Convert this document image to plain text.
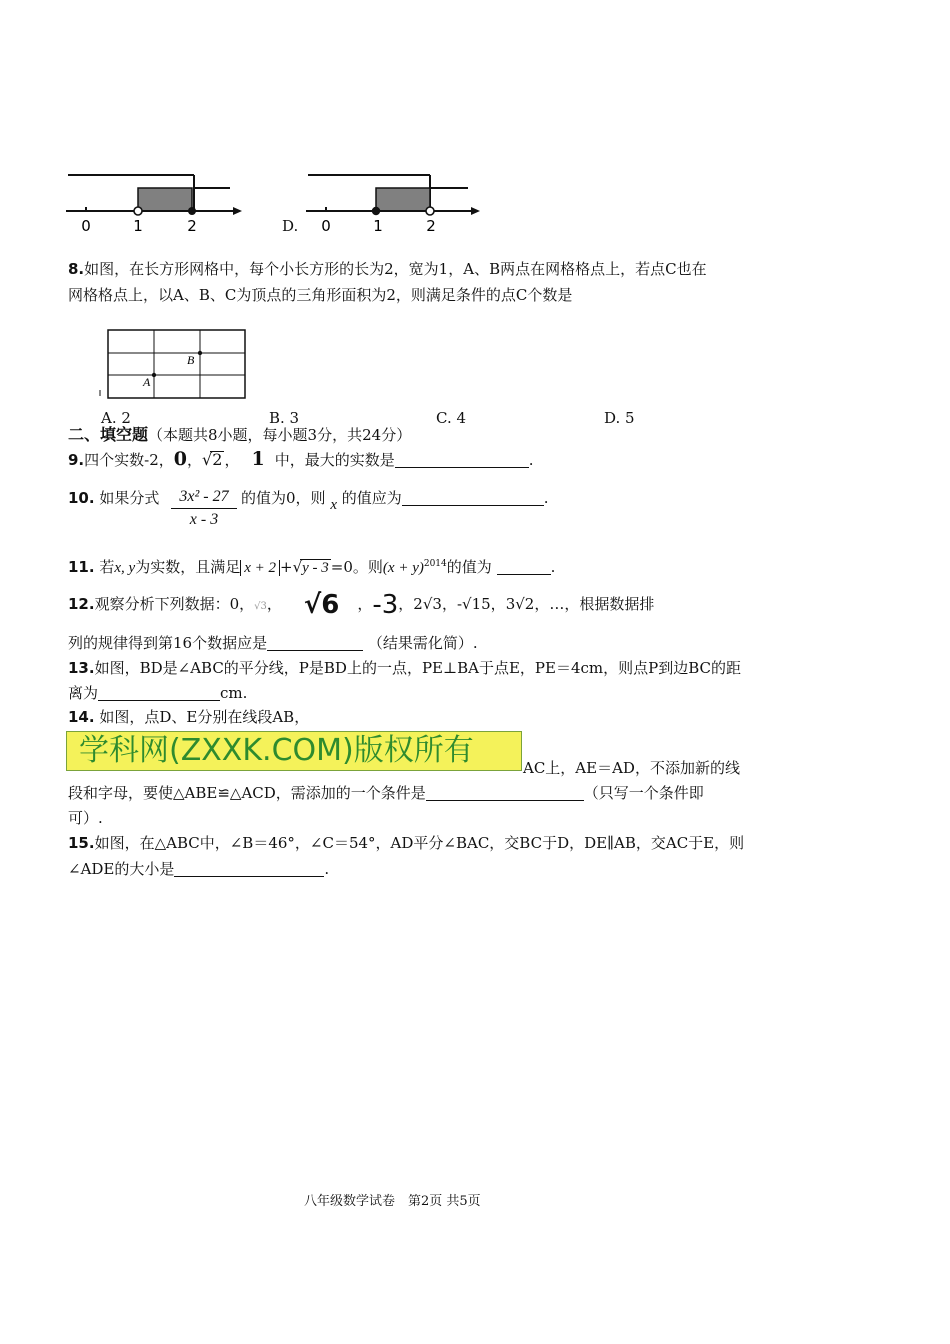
0	1	2	D. 0	1	2
8.如图，在长方形网格中，每个小长方形的长为2，宽为1，A、B两点在网格格点上，若点C也在
网格格点上，以A、B、C为顶点的三角形面积为2，则满足条件的点C个数是
A
B
A. 2	B. 3	C. 4	D. 5
二、填空题（本题共8小题，每小题3分，共24分）
9.四个实数-2，0，√2 ， 1 中，最大的实数是	.
10. 如果分式 $\frac{\text{3x² - 27}}{x - 3}$ 的值为0，则 x 的值应为	.
11. 若x, y为实数，且满足 x + 2 +√y - 3 =0。则$(x + y)^{2014}$的值为	.
12.观察分析下列数据：0，√3， √6 ，-3，2√3，-√15，3√2，…，根据数据排
列的规律得到第16个数据应是	（结果需化简）.
13.如图，BD是∠ABC的平分线，P是BD上的一点，PE⊥BA于点E，PE＝4cm，则点P到边BC的距
离为	cm.
14. 如图，点D、E分别在线段AB，
AC上，AE＝AD，不添加新的线
段和字母，要使△ABE≌△ACD，需添加的一个条件是	（只写一个条件即
可）.
学科网(ZXXK.COM)版权所有
15.如图，在△ABC中，∠B＝46°，∠C＝54°，AD平分∠BAC，交BC于D，DE∥AB，交AC于E，则
∠ADE的大小是	.
八年级数学试卷　第2页 共5页
